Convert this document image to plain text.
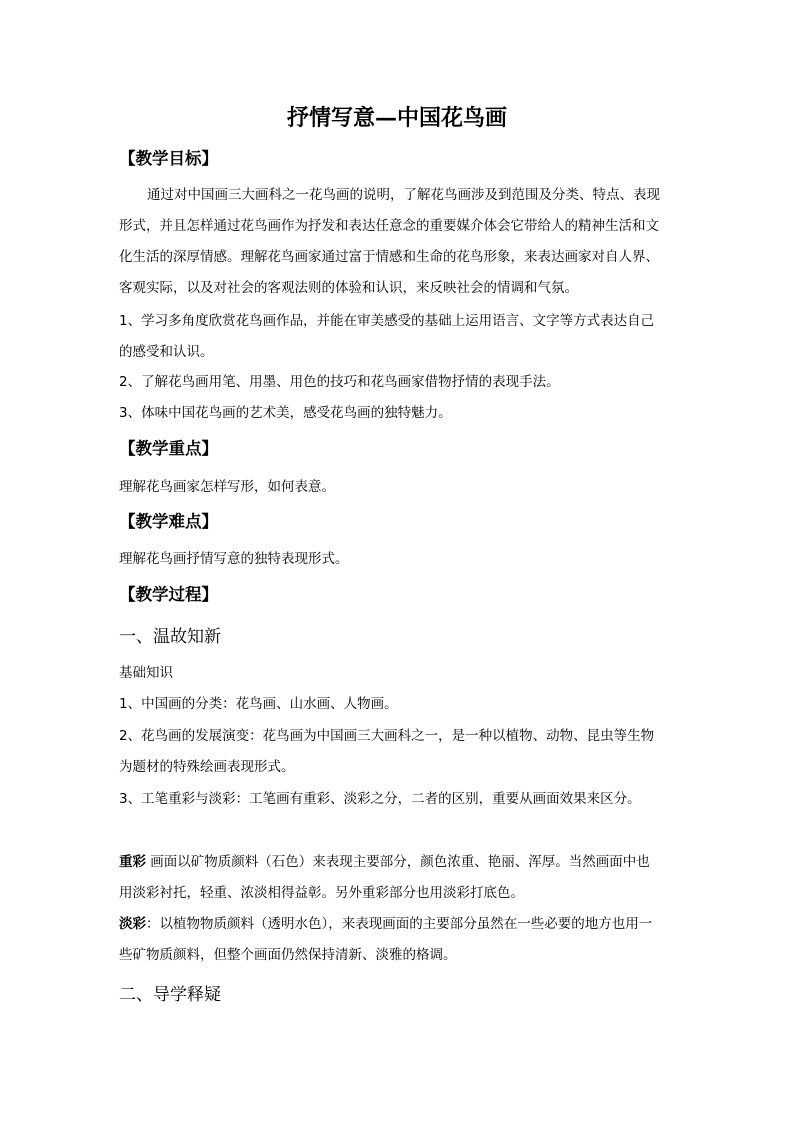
抒情写意—中国花鸟画
【教学目标】
通过对中国画三大画科之一花鸟画的说明，了解花鸟画涉及到范围及分类、特点、表现
形式，并且怎样通过花鸟画作为抒发和表达任意念的重要媒介体会它带给人的精神生活和文
化生活的深厚情感。理解花鸟画家通过富于情感和生命的花鸟形象，来表达画家对自人界、
客观实际，以及对社会的客观法则的体验和认识，来反映社会的情调和气氛。
1、学习多角度欣赏花鸟画作品，并能在审美感受的基础上运用语言、文字等方式表达自己
的感受和认识。
2、了解花鸟画用笔、用墨、用色的技巧和花鸟画家借物抒情的表现手法。
3、体味中国花鸟画的艺术美，感受花鸟画的独特魅力。
【教学重点】
理解花鸟画家怎样写形，如何表意。
【教学难点】
理解花鸟画抒情写意的独特表现形式。
【教学过程】
一、温故知新
基础知识
1、中国画的分类：花鸟画、山水画、人物画。
2、花鸟画的发展演变：花鸟画为中国画三大画科之一，是一种以植物、动物、昆虫等生物
为题材的特殊绘画表现形式。
3、工笔重彩与淡彩：工笔画有重彩、淡彩之分，二者的区别，重要从画面效果来区分。
重彩 画面以矿物质颜料（石色）来表现主要部分，颜色浓重、艳丽、浑厚。当然画面中也
用淡彩衬托，轻重、浓淡相得益彰。另外重彩部分也用淡彩打底色。
淡彩：以植物物质颜料（透明水色），来表现画面的主要部分虽然在一些必要的地方也用一
些矿物质颜料，但整个画面仍然保持清新、淡雅的格调。
二、导学释疑
